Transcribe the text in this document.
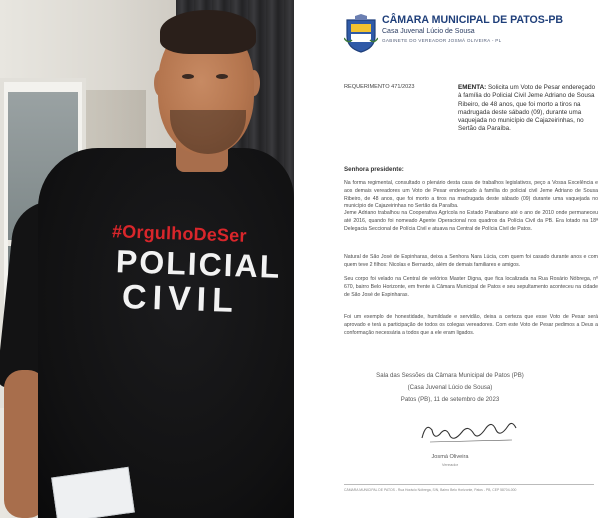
#OrgulhoDeSer
POLICIAL
CIVIL
CÂMARA MUNICIPAL DE PATOS-PB
Casa Juvenal Lúcio de Sousa
GABINETE DO VEREADOR JOSMÁ OLIVEIRA - PL
REQUERIMENTO 471/2023	EMENTA: Solicita um Voto de Pesar endereçado à família do Policial Civil Jeme Adriano de Sousa Ribeiro, de 48 anos, que foi morto a tiros na madrugada deste sábado (09), durante uma vaquejada no município de Cajazeirinhas, no Sertão da Paraíba.
Senhora presidente:
Na forma regimental, consultado o plenário desta casa de trabalhos legislativos, peço a Vossa Excelência e aos demais vereadores um Voto de Pesar endereçado à família do policial civil Jeme Adriano de Sousa Ribeiro, de 48 anos, que foi morto a tiros na madrugada deste sábado (09) durante uma vaquejada no município de Cajazeirinhas no Sertão da Paraíba.
Jeme Adriano trabalhou na Cooperativa Agrícola no Estado Paraibano até o ano de 2010 onde permaneceu até 2016, quando foi nomeado Agente Operacional nos quadros da Polícia Civil da PB. Era lotado na 18ª Delegacia Seccional de Polícia Civil e atuava na Central de Polícia Civil de Patos.
Natural de São José de Espinharas, deixa a Senhora Nara Lúcia, com quem foi casado durante anos e com quem teve 2 filhos: Nicolas e Bernardo, além de demais familiares e amigos.
Seu corpo foi velado na Central de velórios Master Digna, que fica localizada na Rua Rosário Nóbrega, nº 670, bairro Belo Horizonte, em frente à Câmara Municipal de Patos e seu sepultamento aconteceu na cidade de São José de Espinharas.
Foi um exemplo de honestidade, humildade e servidão, deixa a certeza que esse Voto de Pesar será aprovado e terá a participação de todos os colegas vereadores. Com este Voto de Pesar pedimos a Deus a conformação necessária a todos que a ele eram ligados.
Sala das Sessões da Câmara Municipal de Patos (PB)
(Casa Juvenal Lúcio de Sousa)
Patos (PB), 11 de setembro de 2023
Josmá Oliveira
Vereador
CÂMARA MUNICIPAL DE PATOS - Rua Horácio Nóbrega, S/N, Bairro Belo Horizonte, Patos - PB, CEP 58704-000
